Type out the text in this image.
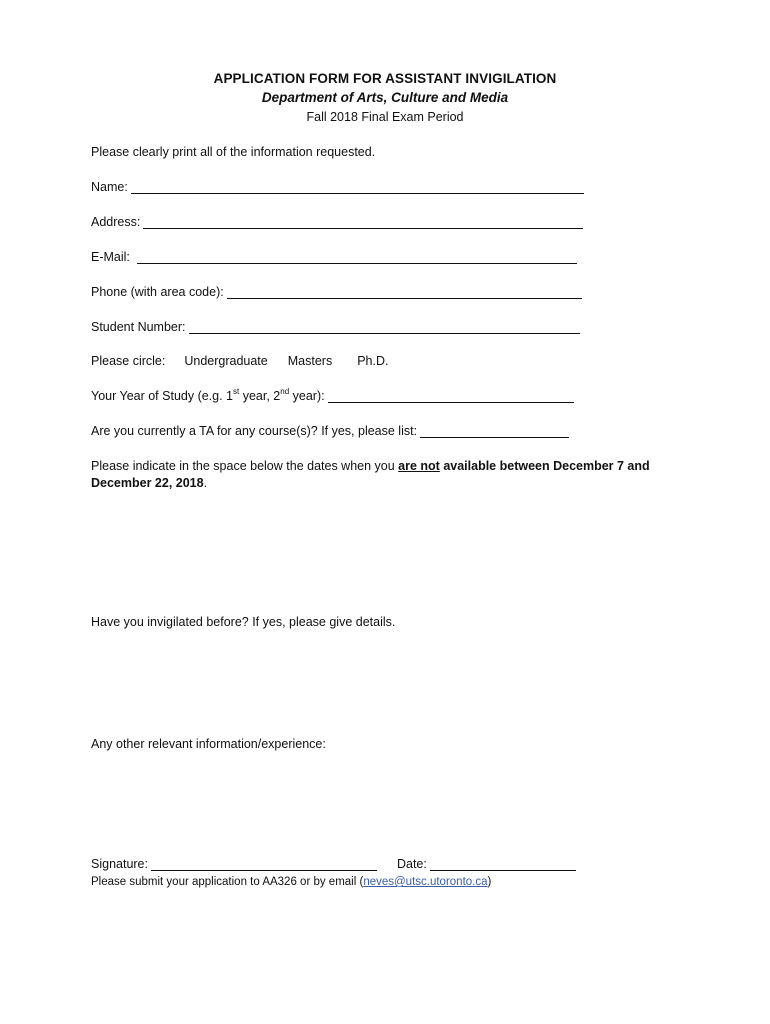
APPLICATION FORM FOR ASSISTANT INVIGILATION
Department of Arts, Culture and Media
Fall 2018 Final Exam Period
Please clearly print all of the information requested.
Name:
Address:
E-Mail:
Phone (with area code):
Student Number:
Please circle: Undergraduate Masters Ph.D.
Your Year of Study (e.g. 1st year, 2nd year):
Are you currently a TA for any course(s)? If yes, please list:
Please indicate in the space below the dates when you are not available between December 7 and December 22, 2018.
Have you invigilated before? If yes, please give details.
Any other relevant information/experience:
Signature:	Date:
Please submit your application to AA326 or by email (neves@utsc.utoronto.ca)
